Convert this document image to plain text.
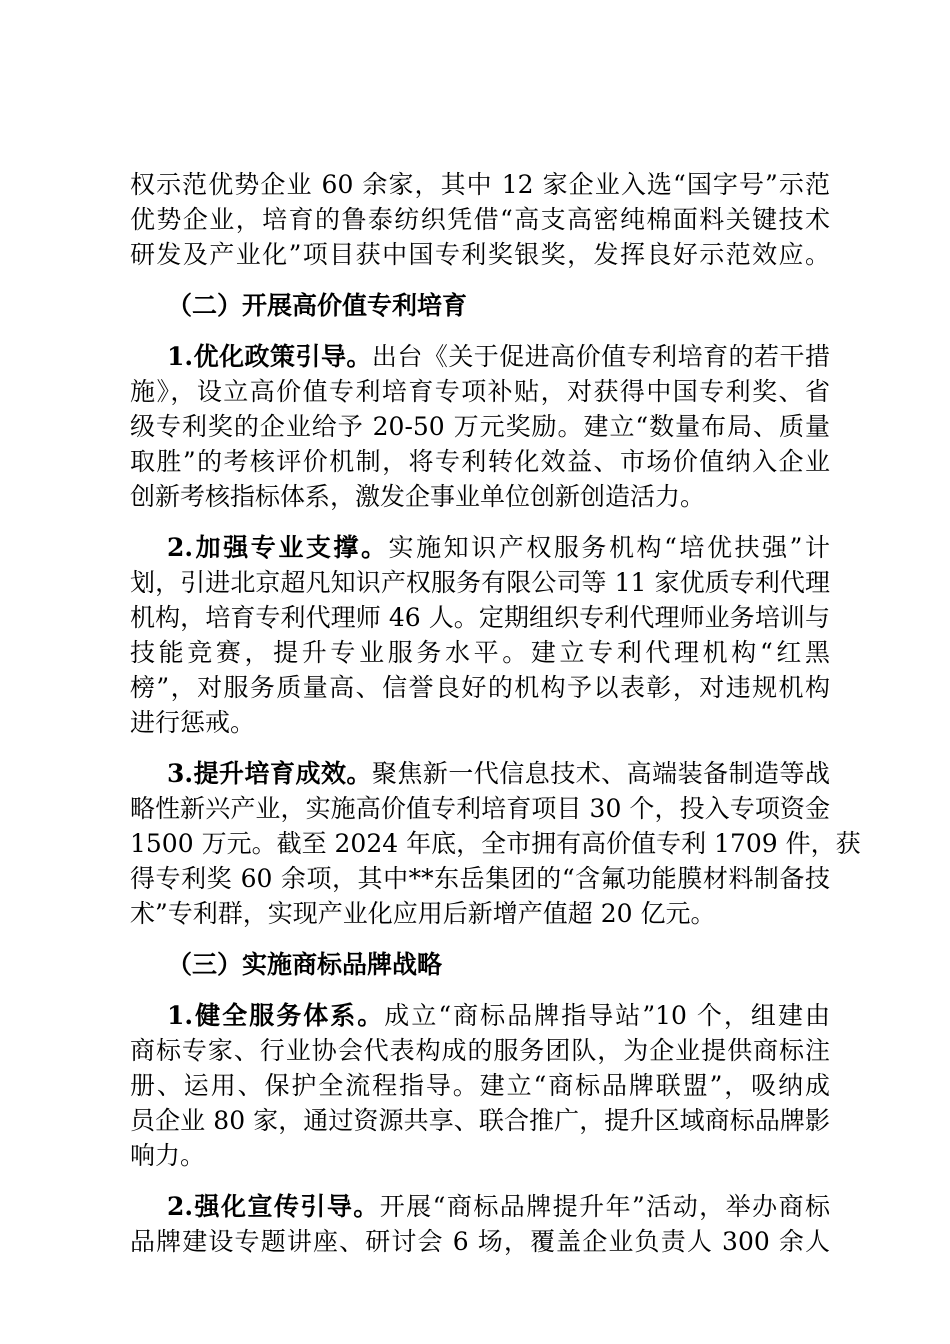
权示范优势企业 60 余家，其中 12 家企业入选“国字号”示范
优势企业，培育的鲁泰纺织凭借“高支高密纯棉面料关键技术
研发及产业化”项目获中国专利奖银奖，发挥良好示范效应。
（二）开展高价值专利培育
1.优化政策引导。出台《关于促进高价值专利培育的若干措
施》，设立高价值专利培育专项补贴，对获得中国专利奖、省
级专利奖的企业给予 20-50 万元奖励。建立“数量布局、质量
取胜”的考核评价机制，将专利转化效益、市场价值纳入企业
创新考核指标体系，激发企事业单位创新创造活力。
2.加强专业支撑。实施知识产权服务机构“培优扶强”计
划，引进北京超凡知识产权服务有限公司等 11 家优质专利代理
机构，培育专利代理师 46 人。定期组织专利代理师业务培训与
技能竞赛，提升专业服务水平。建立专利代理机构“红黑
榜”，对服务质量高、信誉良好的机构予以表彰，对违规机构
进行惩戒。
3.提升培育成效。聚焦新一代信息技术、高端装备制造等战
略性新兴产业，实施高价值专利培育项目 30 个，投入专项资金
1500 万元。截至 2024 年底，全市拥有高价值专利 1709 件，获
得专利奖 60 余项，其中**东岳集团的“含氟功能膜材料制备技
术”专利群，实现产业化应用后新增产值超 20 亿元。
（三）实施商标品牌战略
1.健全服务体系。成立“商标品牌指导站”10 个，组建由
商标专家、行业协会代表构成的服务团队，为企业提供商标注
册、运用、保护全流程指导。建立“商标品牌联盟”，吸纳成
员企业 80 家，通过资源共享、联合推广，提升区域商标品牌影
响力。
2.强化宣传引导。开展“商标品牌提升年”活动，举办商标
品牌建设专题讲座、研讨会 6 场，覆盖企业负责人 300 余人
